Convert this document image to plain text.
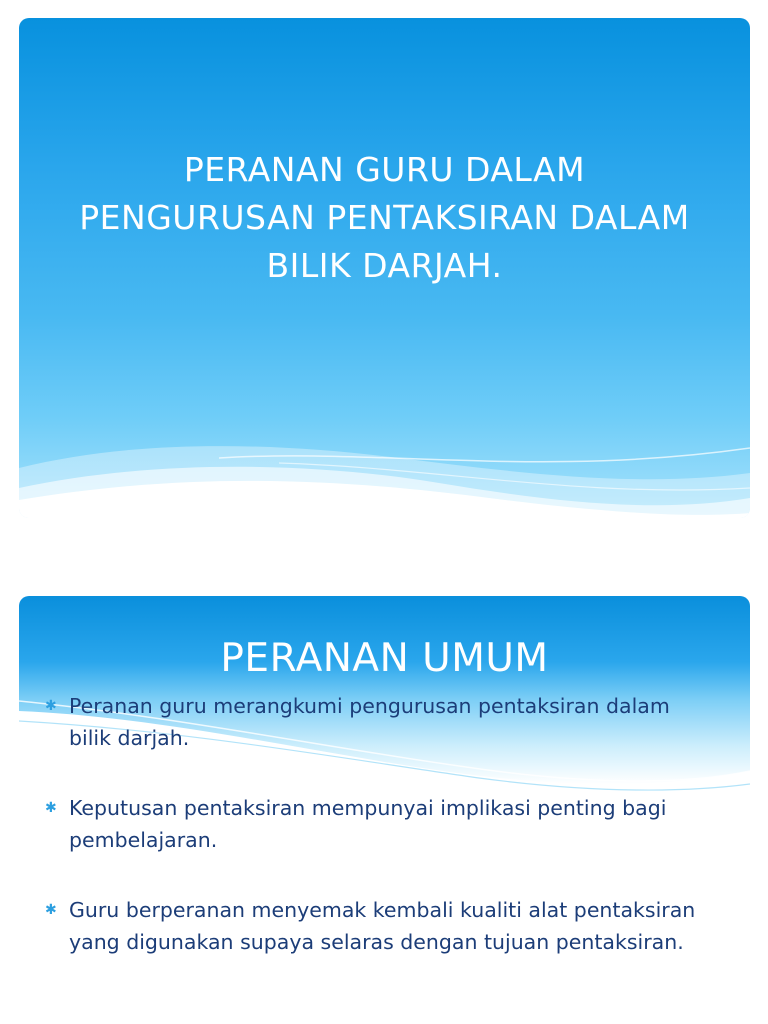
PERANAN GURU DALAM
PENGURUSAN PENTAKSIRAN DALAM
BILIK DARJAH.
PERANAN UMUM
✱ Peranan guru merangkumi pengurusan pentaksiran dalam
bilik darjah.
✱ Keputusan pentaksiran mempunyai implikasi penting bagi
pembelajaran.
✱ Guru berperanan menyemak kembali kualiti alat pentaksiran
yang digunakan supaya selaras dengan tujuan pentaksiran.
